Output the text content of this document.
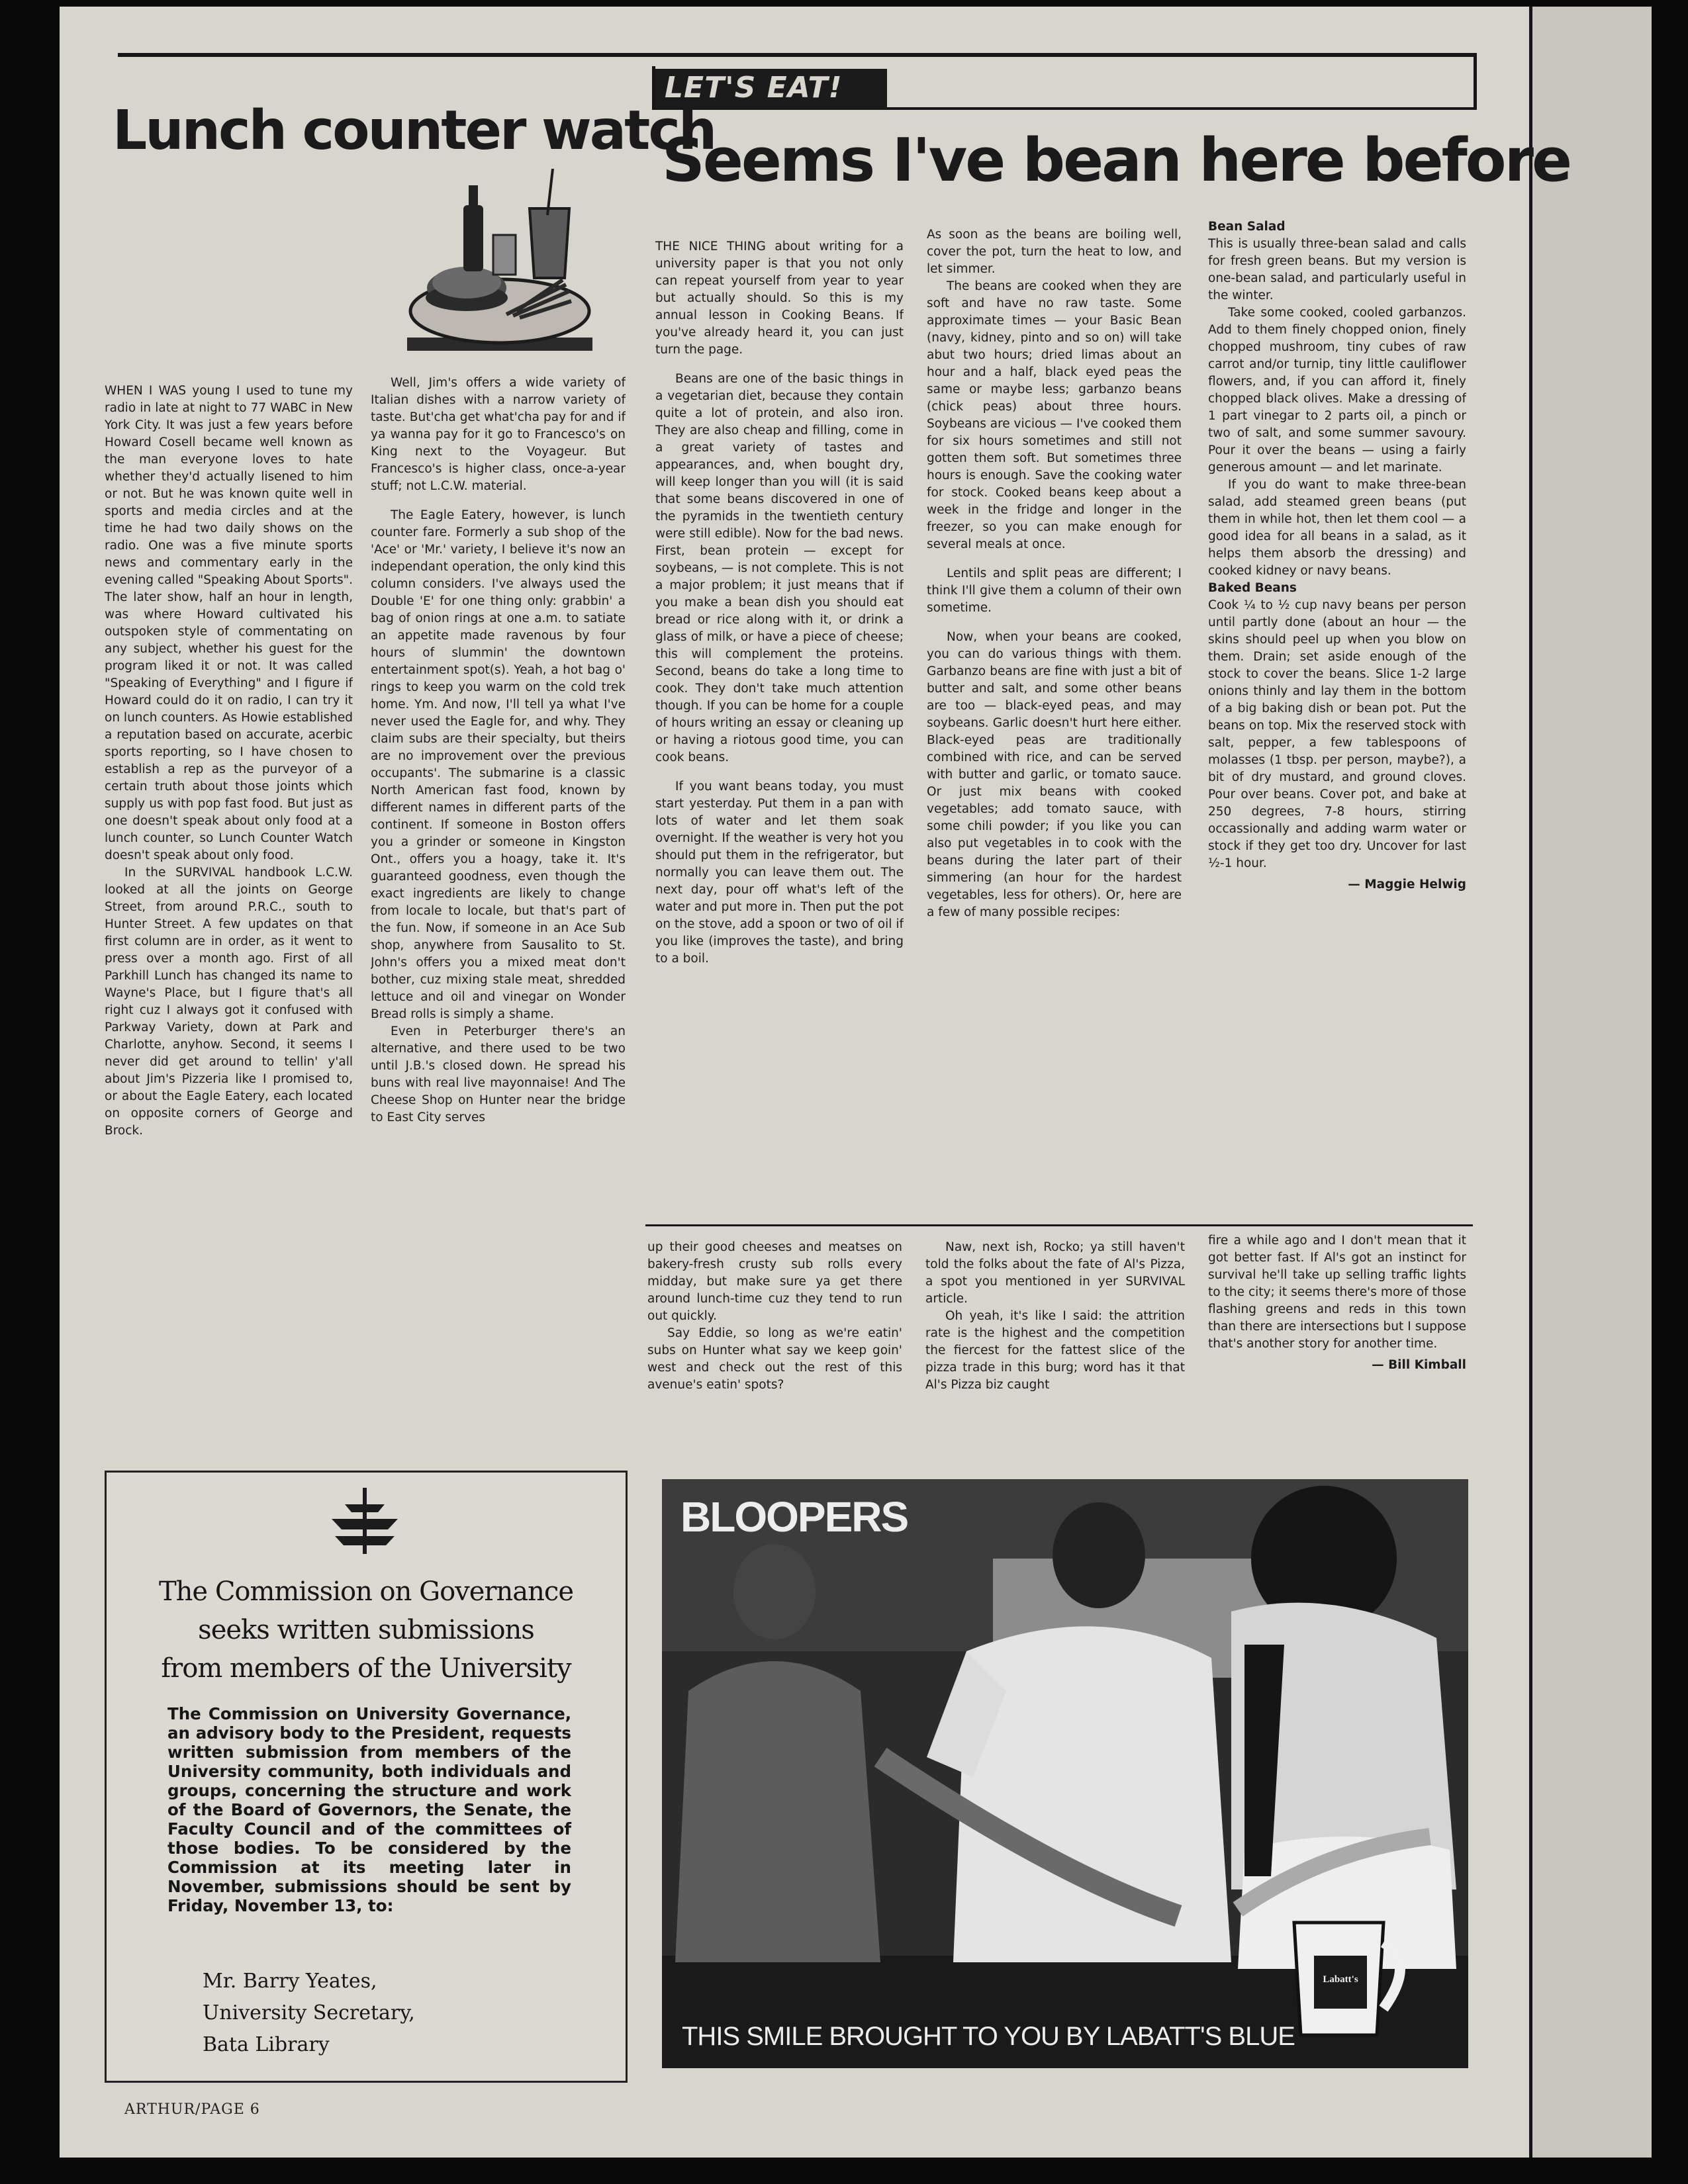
LET'S EAT!
Lunch counter watch
Seems I've bean here before

WHEN I WAS young I used to tune my radio in late at night to 77 WABC in New York City. It was just a few years before Howard Cosell became well known as the man everyone loves to hate whether they'd actually lisened to him or not. But he was known quite well in sports and media circles and at the time he had two daily shows on the radio. One was a five minute sports news and commentary early in the evening called "Speaking About Sports". The later show, half an hour in length, was where Howard cultivated his outspoken style of commentating on any subject, whether his guest for the program liked it or not. It was called "Speaking of Everything" and I figure if Howard could do it on radio, I can try it on lunch counters. As Howie established a reputation based on accurate, acerbic sports reporting, so I have chosen to establish a rep as the purveyor of a certain truth about those joints which supply us with pop fast food. But just as one doesn't speak about only food at a lunch counter, so Lunch Counter Watch doesn't speak about only food.

In the SURVIVAL handbook L.C.W. looked at all the joints on George Street, from around P.R.C., south to Hunter Street. A few updates on that first column are in order, as it went to press over a month ago. First of all Parkhill Lunch has changed its name to Wayne's Place, but I figure that's all right cuz I always got it confused with Parkway Variety, down at Park and Charlotte, anyhow. Second, it seems I never did get around to tellin' y'all about Jim's Pizzeria like I promised to, or about the Eagle Eatery, each located on opposite corners of George and Brock.

Well, Jim's offers a wide variety of Italian dishes with a narrow variety of taste. But'cha get what'cha pay for and if ya wanna pay for it go to Francesco's on King next to the Voyageur. But Francesco's is higher class, once-a-year stuff; not L.C.W. material.

The Eagle Eatery, however, is lunch counter fare. Formerly a sub shop of the 'Ace' or 'Mr.' variety, I believe it's now an independant operation, the only kind this column considers. I've always used the Double 'E' for one thing only: grabbin' a bag of onion rings at one a.m. to satiate an appetite made ravenous by four hours of slummin' the downtown entertainment spot(s). Yeah, a hot bag o' rings to keep you warm on the cold trek home. Ym. And now, I'll tell ya what I've never used the Eagle for, and why. They claim subs are their specialty, but theirs are no improvement over the previous occupants'. The submarine is a classic North American fast food, known by different names in different parts of the continent. If someone in Boston offers you a grinder or someone in Kingston Ont., offers you a hoagy, take it. It's guaranteed goodness, even though the exact ingredients are likely to change from locale to locale, but that's part of the fun. Now, if someone in an Ace Sub shop, anywhere from Sausalito to St. John's offers you a mixed meat don't bother, cuz mixing stale meat, shredded lettuce and oil and vinegar on Wonder Bread rolls is simply a shame.

Even in Peterburger there's an alternative, and there used to be two until J.B.'s closed down. He spread his buns with real live mayonnaise! And The Cheese Shop on Hunter near the bridge to East City serves

up their good cheeses and meatses on bakery-fresh crusty sub rolls every midday, but make sure ya get there around lunch-time cuz they tend to run out quickly.

Say Eddie, so long as we're eatin' subs on Hunter what say we keep goin' west and check out the rest of this avenue's eatin' spots?

Naw, next ish, Rocko; ya still haven't told the folks about the fate of Al's Pizza, a spot you mentioned in yer SURVIVAL article.

Oh yeah, it's like I said: the attrition rate is the highest and the competition the fiercest for the fattest slice of the pizza trade in this burg; word has it that Al's Pizza biz caught

fire a while ago and I don't mean that it got better fast. If Al's got an instinct for survival he'll take up selling traffic lights to the city; it seems there's more of those flashing greens and reds in this town than there are intersections but I suppose that's another story for another time.

— Bill Kimball

THE NICE THING about writing for a university paper is that you not only can repeat yourself from year to year but actually should. So this is my annual lesson in Cooking Beans. If you've already heard it, you can just turn the page.

Beans are one of the basic things in a vegetarian diet, because they contain quite a lot of protein, and also iron. They are also cheap and filling, come in a great variety of tastes and appearances, and, when bought dry, will keep longer than you will (it is said that some beans discovered in one of the pyramids in the twentieth century were still edible). Now for the bad news. First, bean protein — except for soybeans, — is not complete. This is not a major problem; it just means that if you make a bean dish you should eat bread or rice along with it, or drink a glass of milk, or have a piece of cheese; this will complement the proteins. Second, beans do take a long time to cook. They don't take much attention though. If you can be home for a couple of hours writing an essay or cleaning up or having a riotous good time, you can cook beans.

If you want beans today, you must start yesterday. Put them in a pan with lots of water and let them soak overnight. If the weather is very hot you should put them in the refrigerator, but normally you can leave them out. The next day, pour off what's left of the water and put more in. Then put the pot on the stove, add a spoon or two of oil if you like (improves the taste), and bring to a boil.

As soon as the beans are boiling well, cover the pot, turn the heat to low, and let simmer.

The beans are cooked when they are soft and have no raw taste. Some approximate times — your Basic Bean (navy, kidney, pinto and so on) will take abut two hours; dried limas about an hour and a half, black eyed peas the same or maybe less; garbanzo beans (chick peas) about three hours. Soybeans are vicious — I've cooked them for six hours sometimes and still not gotten them soft. But sometimes three hours is enough. Save the cooking water for stock. Cooked beans keep about a week in the fridge and longer in the freezer, so you can make enough for several meals at once.

Lentils and split peas are different; I think I'll give them a column of their own sometime.

Now, when your beans are cooked, you can do various things with them. Garbanzo beans are fine with just a bit of butter and salt, and some other beans are too — black-eyed peas, and may soybeans. Garlic doesn't hurt here either. Black-eyed peas are traditionally combined with rice, and can be served with butter and garlic, or tomato sauce. Or just mix beans with cooked vegetables; add tomato sauce, with some chili powder; if you like you can also put vegetables in to cook with the beans during the later part of their simmering (an hour for the hardest vegetables, less for others). Or, here are a few of many possible recipes:

Bean Salad

This is usually three-bean salad and calls for fresh green beans. But my version is one-bean salad, and particularly useful in the winter.

Take some cooked, cooled garbanzos. Add to them finely chopped onion, finely chopped mushroom, tiny cubes of raw carrot and/or turnip, tiny little cauliflower flowers, and, if you can afford it, finely chopped black olives. Make a dressing of 1 part vinegar to 2 parts oil, a pinch or two of salt, and some summer savoury. Pour it over the beans — using a fairly generous amount — and let marinate.

If you do want to make three-bean salad, add steamed green beans (put them in while hot, then let them cool — a good idea for all beans in a salad, as it helps them absorb the dressing) and cooked kidney or navy beans.

Baked Beans

Cook ¼ to ½ cup navy beans per person until partly done (about an hour — the skins should peel up when you blow on them. Drain; set aside enough of the stock to cover the beans. Slice 1-2 large onions thinly and lay them in the bottom of a big baking dish or bean pot. Put the beans on top. Mix the reserved stock with salt, pepper, a few tablespoons of molasses (1 tbsp. per person, maybe?), a bit of dry mustard, and ground cloves. Pour over beans. Cover pot, and bake at 250 degrees, 7-8 hours, stirring occassionally and adding warm water or stock if they get too dry. Uncover for last ½-1 hour.

— Maggie Helwig

The Commission on Governance
seeks written submissions
from members of the University
The Commission on University Governance, an advisory body to the President, requests written submission from members of the University community, both individuals and groups, concerning the structure and work of the Board of Governors, the Senate, the Faculty Council and of the committees of those bodies. To be considered by the Commission at its meeting later in November, submissions should be sent by Friday, November 13, to:
Mr. Barry Yeates,
University Secretary,
Bata Library
BLOOPERS
THIS SMILE BROUGHT TO YOU BY LABATT'S BLUE
Labatt's
ARTHUR/PAGE 6
